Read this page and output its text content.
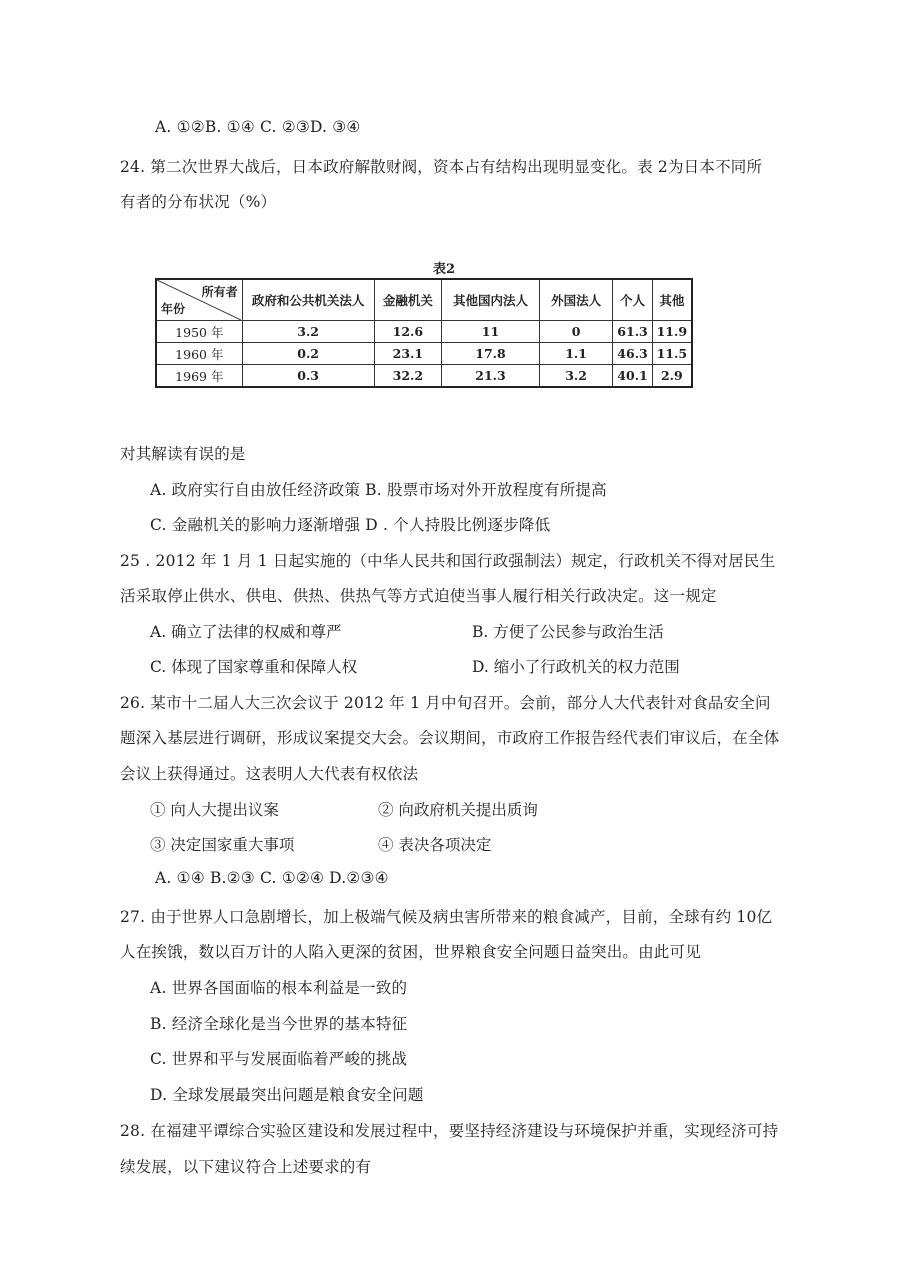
A. ①②B. ①④ C. ②③D. ③④
24. 第二次世界大战后，日本政府解散财阀，资本占有结构出现明显变化。表 2为日本不同所
有者的分布状况（%）
表2
所有者
年份	政府和公共机关法人	金融机关	其他国内法人	外国法人	个人	其他
1950 年	3.2	12.6	11	0	61.3	11.9
1960 年	0.2	23.1	17.8	1.1	46.3	11.5
1969 年	0.3	32.2	21.3	3.2	40.1	2.9
对其解读有误的是
A. 政府实行自由放任经济政策 B. 股票市场对外开放程度有所提高
C. 金融机关的影响力逐渐增强 D . 个人持股比例逐步降低
25 . 2012 年 1 月 1 日起实施的（中华人民共和国行政强制法）规定，行政机关不得对居民生
活采取停止供水、供电、供热、供热气等方式迫使当事人履行相关行政决定。这一规定
A. 确立了法律的权威和尊严	B. 方便了公民参与政治生活
C. 体现了国家尊重和保障人权	D. 缩小了行政机关的权力范围
26. 某市十二届人大三次会议于 2012 年 1 月中旬召开。会前，部分人大代表针对食品安全问
题深入基层进行调研，形成议案提交大会。会议期间，市政府工作报告经代表们审议后，在全体
会议上获得通过。这表明人大代表有权依法
① 向人大提出议案	② 向政府机关提出质询
③ 决定国家重大事项	④ 表决各项决定
A. ①④ B.②③ C. ①②④ D.②③④
27. 由于世界人口急剧增长，加上极端气候及病虫害所带来的粮食减产，目前，全球有约 10亿
人在挨饿，数以百万计的人陷入更深的贫困，世界粮食安全问题日益突出。由此可见
A. 世界各国面临的根本利益是一致的
B. 经济全球化是当今世界的基本特征
C. 世界和平与发展面临着严峻的挑战
D. 全球发展最突出问题是粮食安全问题
28. 在福建平谭综合实验区建设和发展过程中，要坚持经济建设与环境保护并重，实现经济可持
续发展，以下建议符合上述要求的有
